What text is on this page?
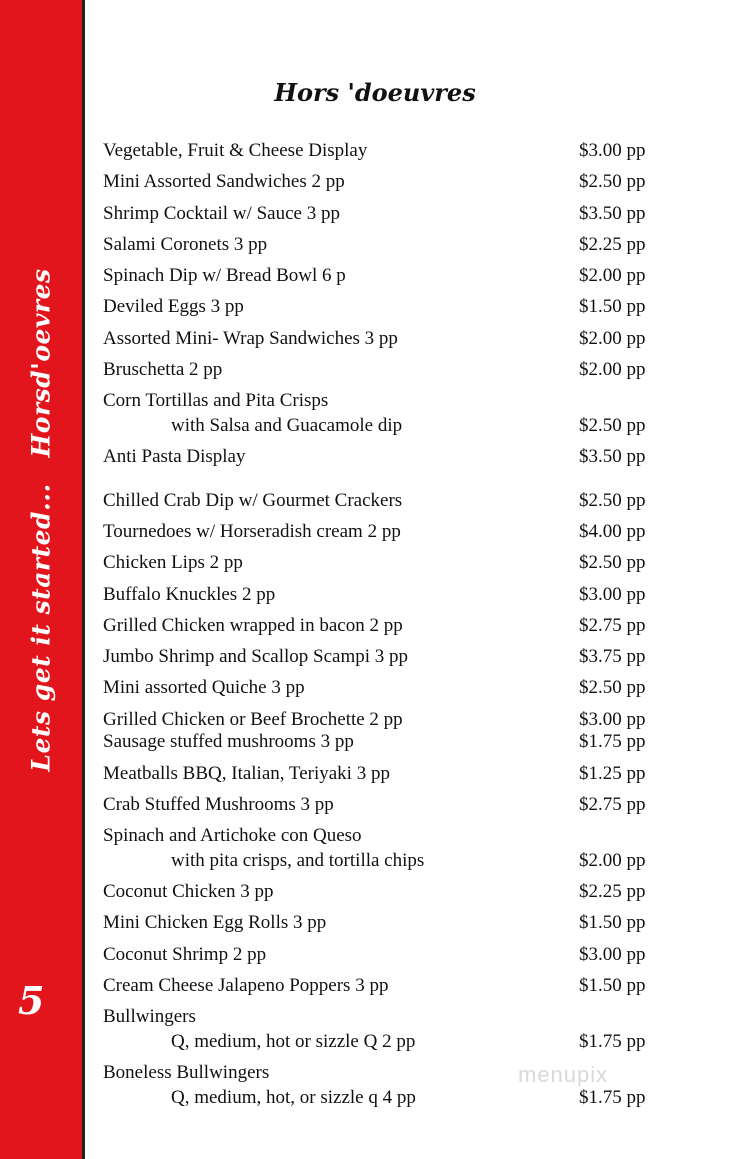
Lets get it started...Horsd'oevres
5
Hors 'doeuvres
Vegetable, Fruit & Cheese Display	$3.00 pp
Mini Assorted Sandwiches 2 pp	$2.50 pp
Shrimp Cocktail w/ Sauce 3 pp	$3.50 pp
Salami Coronets 3 pp	$2.25 pp
Spinach Dip w/ Bread Bowl 6 p	$2.00 pp
Deviled Eggs 3 pp	$1.50 pp
Assorted Mini- Wrap Sandwiches 3 pp	$2.00 pp
Bruschetta 2 pp	$2.00 pp
Corn Tortillas and Pita Crisps
with Salsa and Guacamole dip	$2.50 pp
Anti Pasta Display	$3.50 pp
Chilled Crab Dip w/ Gourmet Crackers	$2.50 pp
Tournedoes w/ Horseradish cream 2 pp	$4.00 pp
Chicken Lips 2 pp	$2.50 pp
Buffalo Knuckles 2 pp	$3.00 pp
Grilled Chicken wrapped in bacon 2 pp	$2.75 pp
Jumbo Shrimp and Scallop Scampi 3 pp	$3.75 pp
Mini assorted Quiche 3 pp	$2.50 pp
Grilled Chicken or Beef Brochette 2 pp	$3.00 pp
Sausage stuffed mushrooms 3 pp	$1.75 pp
Meatballs BBQ, Italian, Teriyaki 3 pp	$1.25 pp
Crab Stuffed Mushrooms 3 pp	$2.75 pp
Spinach and Artichoke con Queso
with pita crisps, and tortilla chips	$2.00 pp
Coconut Chicken 3 pp	$2.25 pp
Mini Chicken Egg Rolls 3 pp	$1.50 pp
Coconut Shrimp 2 pp	$3.00 pp
Cream Cheese Jalapeno Poppers 3 pp	$1.50 pp
Bullwingers
Q, medium, hot or sizzle Q 2 pp	$1.75 pp
Boneless Bullwingers
Q, medium, hot, or sizzle q 4 pp	$1.75 pp
menupix
